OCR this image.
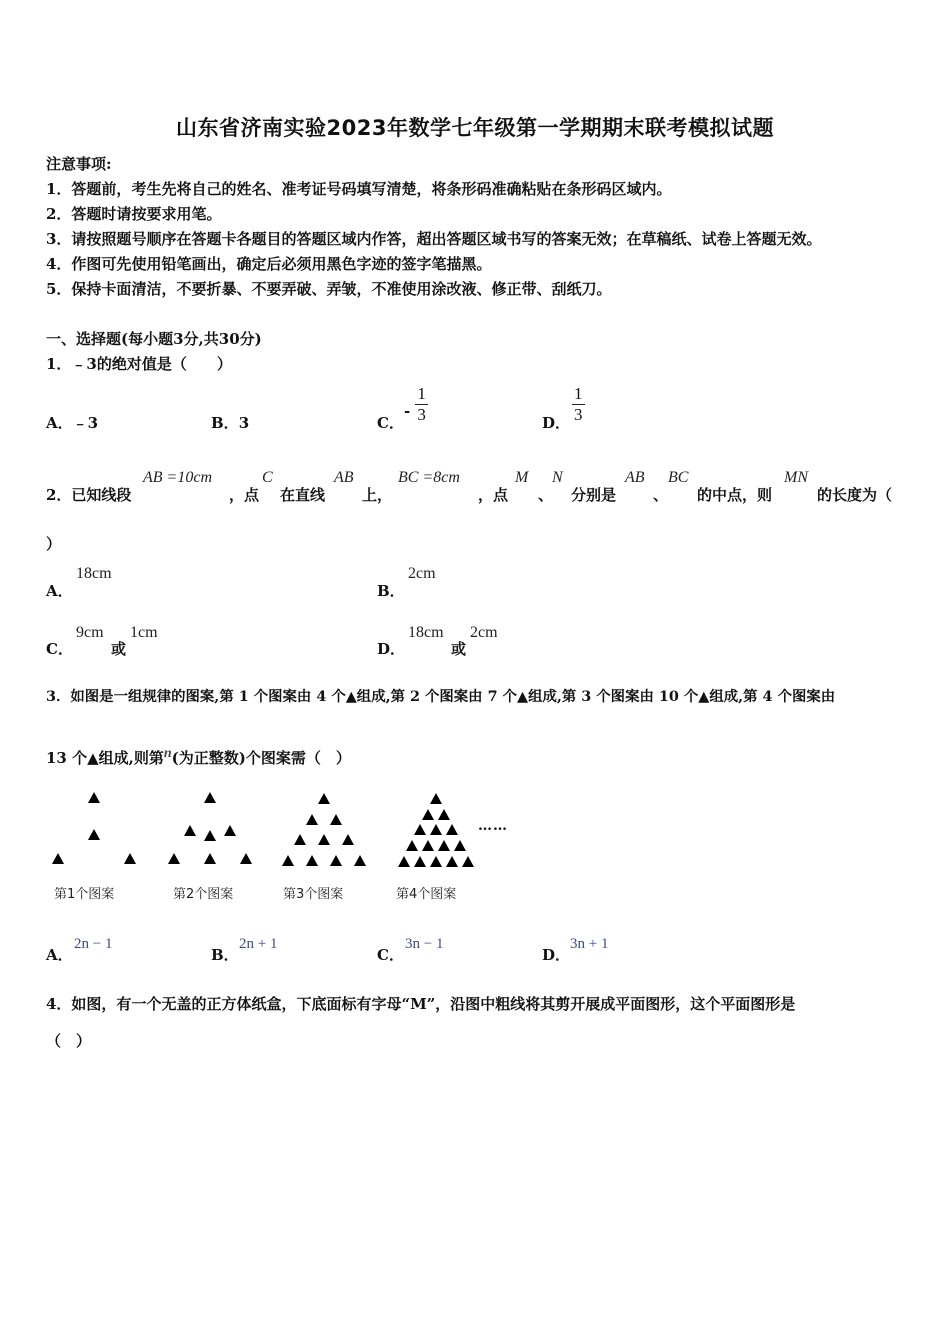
山东省济南实验2023年数学七年级第一学期期末联考模拟试题
注意事项:
1．答题前，考生先将自己的姓名、准考证号码填写清楚，将条形码准确粘贴在条形码区域内。
2．答题时请按要求用笔。
3．请按照题号顺序在答题卡各题目的答题区域内作答，超出答题区域书写的答案无效；在草稿纸、试卷上答题无效。
4．作图可先使用铅笔画出，确定后必须用黑色字迹的签字笔描黑。
5．保持卡面清洁，不要折暴、不要弄破、弄皱，不准使用涂改液、修正带、刮纸刀。
一、选择题(每小题3分,共30分)
1．﹣3的绝对值是（　　）
A．﹣3	B．3	C．
- $\frac{1}{3}$	D． $\frac{1}{3}$
2．已知线段
AB =10cm
，点
C
在直线
AB
上，
BC =8cm
，点
M
、
N
分别是
AB
、
BC
的中点，则
MN
的长度为（
）
A．
18cm
B．
2cm
C．
9cm
或
1cm
D．
18cm
或
2cm
3．如图是一组规律的图案,第 1 个图案由 4 个▲组成,第 2 个图案由 7 个▲组成,第 3 个图案由 10 个▲组成,第 4 个图案由
13 个▲组成,则第n(为正整数)个图案需（　）
……
第1个图案	第2个图案	第3个图案	第4个图案
A．
2n − 1
B．
2n + 1
C．
3n − 1
D．
3n + 1
4．如图，有一个无盖的正方体纸盒，下底面标有字母“M”，沿图中粗线将其剪开展成平面图形，这个平面图形是
（　）
